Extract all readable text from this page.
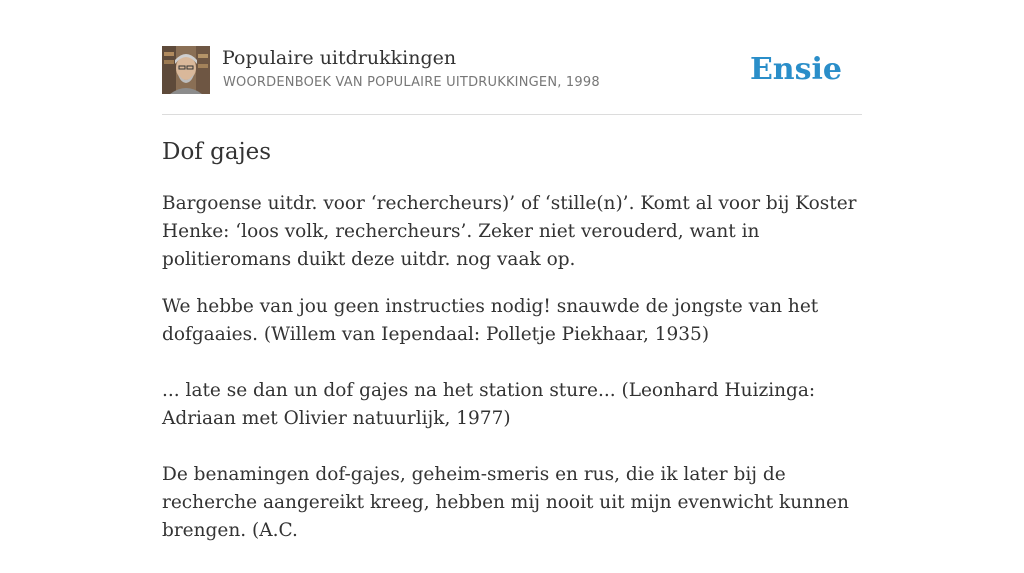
Populaire uitdrukkingen
WOORDENBOEK VAN POPULAIRE UITDRUKKINGEN, 1998	Ensie
Dof gajes

Bargoense uitdr. voor ‘rechercheurs)’ of ‘stille(n)’. Komt al voor bij Koster Henke: ‘loos volk, rechercheurs’. Zeker niet verouderd, want in politieromans duikt deze uitdr. nog vaak op.

We hebbe van jou geen instructies nodig! snauwde de jongste van het dofgaaies. (Willem van Iependaal: Polletje Piekhaar, 1935)

... late se dan un dof gajes na het station sture... (Leonhard Huizinga: Adriaan met Olivier natuurlijk, 1977)

De benamingen dof-gajes, geheim-smeris en rus, die ik later bij de recherche aangereikt kreeg, hebben mij nooit uit mijn evenwicht kunnen brengen. (A.C.
